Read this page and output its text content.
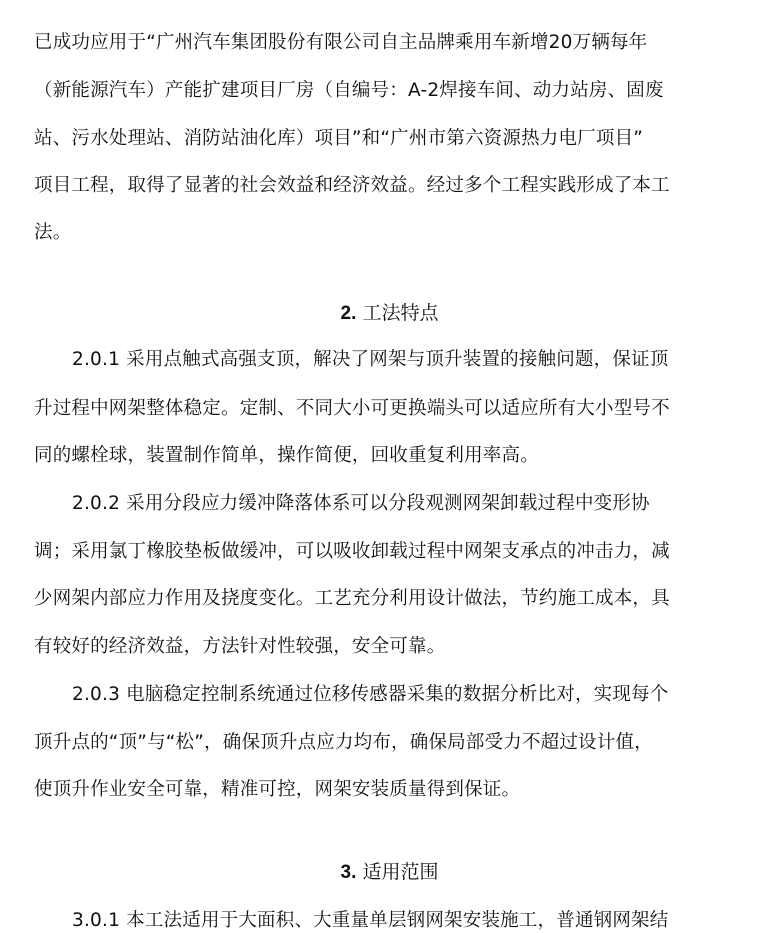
已成功应用于“广州汽车集团股份有限公司自主品牌乘用车新增20万辆每年
（新能源汽车）产能扩建项目厂房（自编号：A-2焊接车间、动力站房、固废
站、污水处理站、消防站油化库）项目”和“广州市第六资源热力电厂项目”
项目工程，取得了显著的社会效益和经济效益。经过多个工程实践形成了本工
法。
2. 工法特点
2.0.1 采用点触式高强支顶，解决了网架与顶升装置的接触问题，保证顶
升过程中网架整体稳定。定制、不同大小可更换端头可以适应所有大小型号不
同的螺栓球，装置制作简单，操作简便，回收重复利用率高。
2.0.2 采用分段应力缓冲降落体系可以分段观测网架卸载过程中变形协
调；采用氯丁橡胶垫板做缓冲，可以吸收卸载过程中网架支承点的冲击力，减
少网架内部应力作用及挠度变化。工艺充分利用设计做法，节约施工成本，具
有较好的经济效益，方法针对性较强，安全可靠。
2.0.3 电脑稳定控制系统通过位移传感器采集的数据分析比对，实现每个
顶升点的“顶”与“松”，确保顶升点应力均布，确保局部受力不超过设计值，
使顶升作业安全可靠，精准可控，网架安装质量得到保证。
3. 适用范围
3.0.1 本工法适用于大面积、大重量单层钢网架安装施工，普通钢网架结
